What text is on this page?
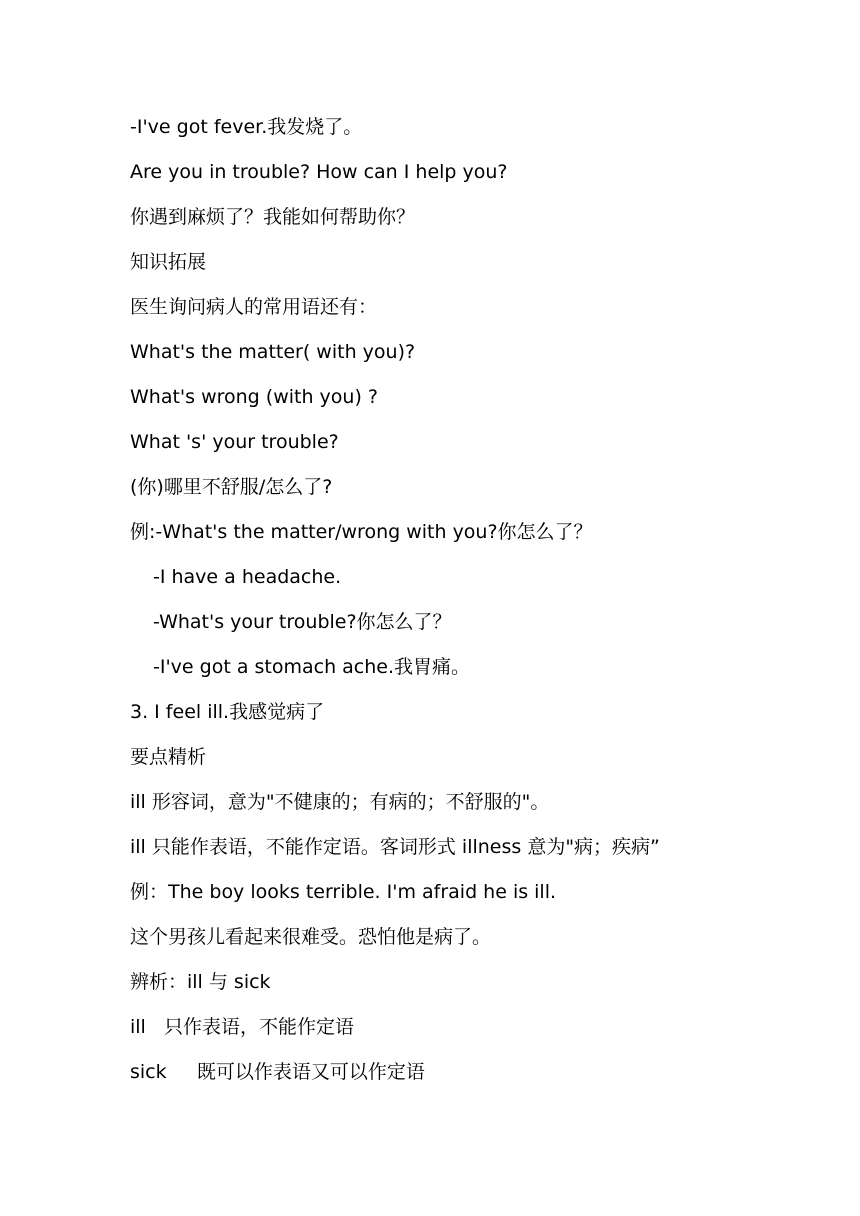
-I've got fever.我发烧了。
Are you in trouble? How can I help you?
你遇到麻烦了？我能如何帮助你？
知识拓展
医生询问病人的常用语还有：
What's the matter( with you)?
What's wrong (with you) ?
What 's' your trouble?
(你)哪里不舒服/怎么了?
例:-What's the matter/wrong with you?你怎么了？
-I have a headache.
-What's your trouble?你怎么了？
-I've got a stomach ache.我胃痛。
3. I feel ill.我感觉病了
要点精析
ill 形容词，意为"不健康的；有病的；不舒服的"。
ill 只能作表语，不能作定语。客词形式 illness 意为"病；疾病”
例：The boy looks terrible. I'm afraid he is ill.
这个男孩儿看起来很难受。恐怕他是病了。
辨析：ill 与 sick
ill   只作表语，不能作定语
sick     既可以作表语又可以作定语
